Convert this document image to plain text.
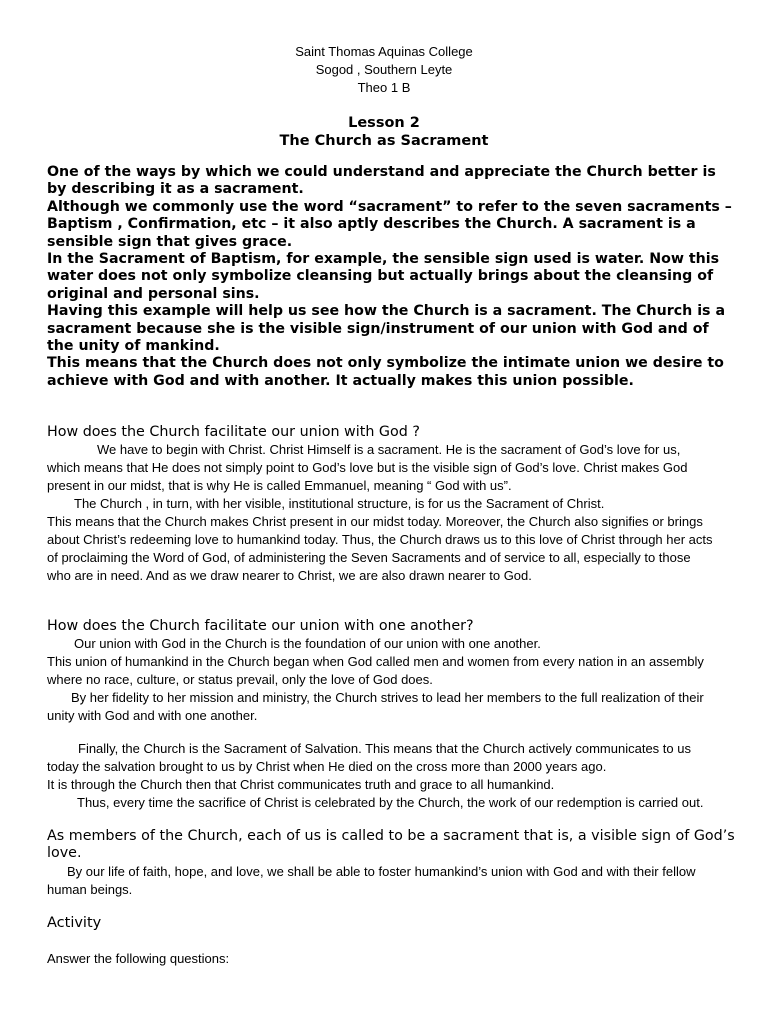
Saint Thomas Aquinas College
Sogod , Southern Leyte
Theo 1 B
Lesson 2
The Church as Sacrament

One of the ways by which we could understand and appreciate the Church better is by describing it as a sacrament.

Although we commonly use the word “sacrament” to refer to the seven sacraments – Baptism , Confirmation, etc – it also aptly describes the Church. A sacrament is a sensible sign that gives grace.

In the Sacrament of Baptism, for example, the sensible sign used is water. Now this water does not only symbolize cleansing but actually brings about the cleansing of original and personal sins.

Having this example will help us see how the Church is a sacrament. The Church is a sacrament because she is the visible sign/instrument of our union with God and of the unity of mankind.

This means that the Church does not only symbolize the intimate union we desire to achieve with God and with another. It actually makes this union possible.

How does the Church facilitate our union with God ?

We have to begin with Christ. Christ Himself is a sacrament. He is the sacrament of God’s love for us, which means that He does not simply point to God’s love but is the visible sign of God’s love. Christ makes God present in our midst, that is why He is called Emmanuel, meaning “ God with us”.

The Church , in turn, with her visible, institutional structure, is for us the Sacrament of Christ.

This means that the Church makes Christ present in our midst today. Moreover, the Church also signifies or brings about Christ’s redeeming love to humankind today. Thus, the Church draws us to this love of Christ through her acts of proclaiming the Word of God, of administering the Seven Sacraments and of service to all, especially to those who are in need. And as we draw nearer to Christ, we are also drawn nearer to God.

How does the Church facilitate our union with one another?

Our union with God in the Church is the foundation of our union with one another.

This union of humankind in the Church began when God called men and women from every nation in an assembly where no race, culture, or status prevail, only the love of God does.

By her fidelity to her mission and ministry, the Church strives to lead her members to the full realization of their unity with God and with one another.

Finally, the Church is the Sacrament of Salvation. This means that the Church actively communicates to us today the salvation brought to us by Christ when He died on the cross more than 2000 years ago.

It is through the Church then that Christ communicates truth and grace to all humankind.

Thus, every time the sacrifice of Christ is celebrated by the Church, the work of our redemption is carried out.

As members of the Church, each of us is called to be a sacrament that is, a visible sign of God’s love.

By our life of faith, hope, and love, we shall be able to foster humankind’s union with God and with their fellow human beings.

Activity
Answer the following questions:
